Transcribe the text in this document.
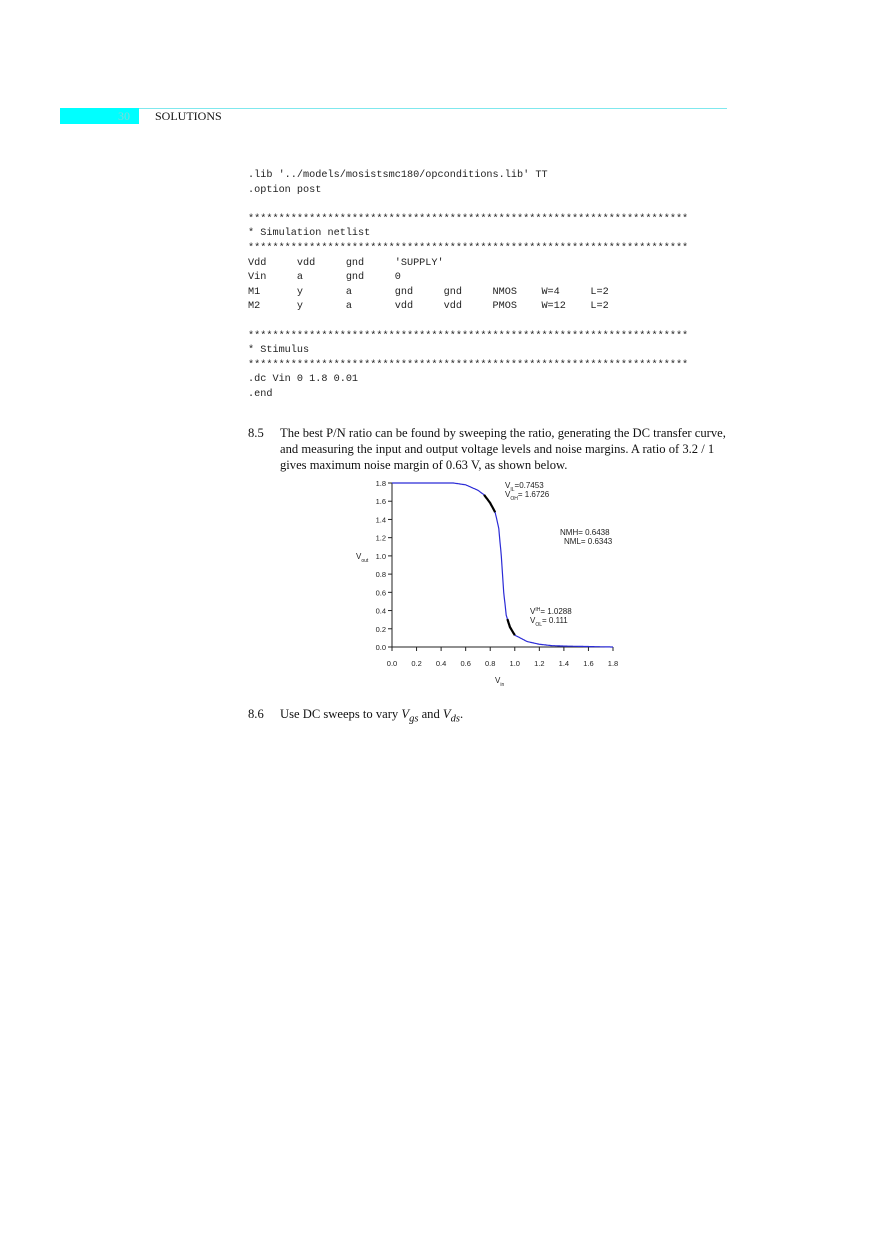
30 SOLUTIONS
.lib '../models/mosistsmc180/opconditions.lib' TT
.option post

************************************************************************
* Simulation netlist
************************************************************************
Vdd     vdd     gnd     'SUPPLY'
Vin     a       gnd     0
M1      y       a       gnd     gnd     NMOS    W=4     L=2
M2      y       a       vdd     vdd     PMOS    W=12    L=2

************************************************************************
* Stimulus
************************************************************************
.dc Vin 0 1.8 0.01
.end

8.5 The best P/N ratio can be found by sweeping the ratio, generating the DC transfer curve, and measuring the input and output voltage levels and noise margins. A ratio of 3.2 / 1 gives maximum noise margin of 0.63 V, as shown below.
0.0 0.2 0.4 0.6 0.8 1.0 1.2 1.4 1.6 1.8
0.0
0.2
0.4
0.6
0.8
1.0
1.2
1.4
1.6
1.8	$V_{IL}=0.7453$
$V_{OH}= 1.6726$
NMH= 0.6438
NML= 0.6343
$V^{IH}= 1.0288$
$V_{OL}= 0.111$
$V_{out}$
$V_{in}$
8.6 Use DC sweeps to vary $V_{gs}$ and $V_{ds}$.
